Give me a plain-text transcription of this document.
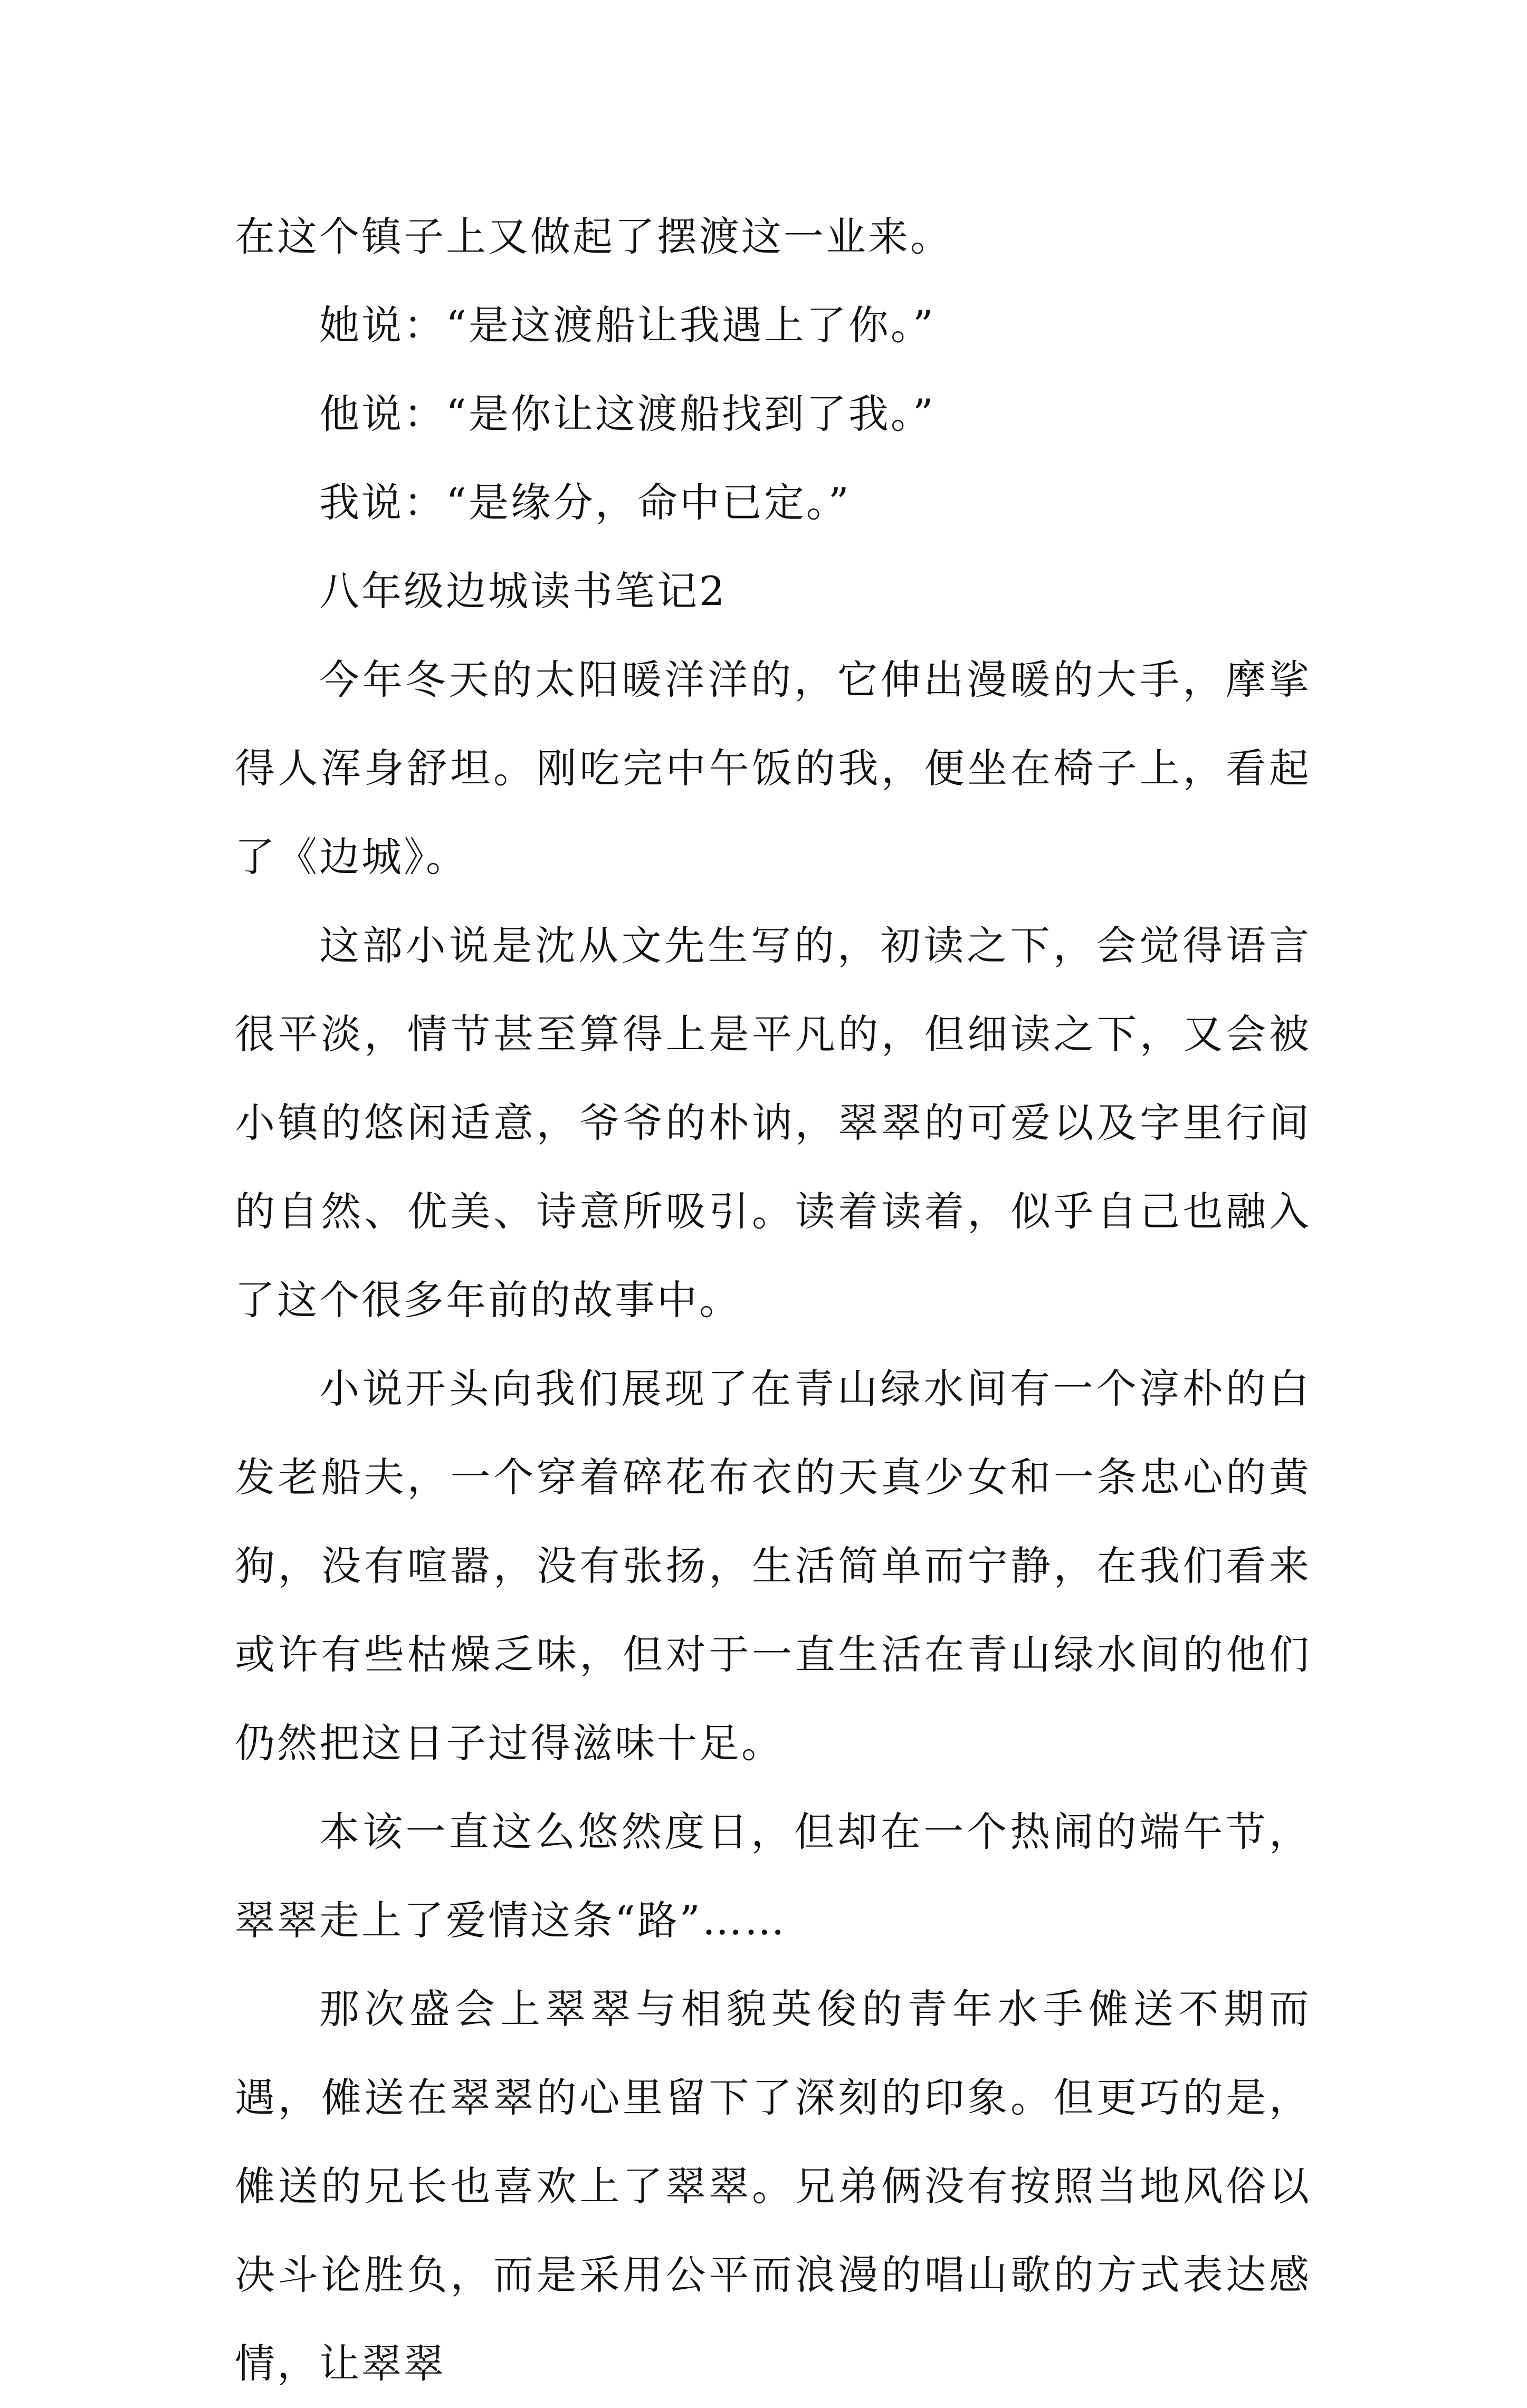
在这个镇子上又做起了摆渡这一业来。

她说：“是这渡船让我遇上了你。”

他说：“是你让这渡船找到了我。”

我说：“是缘分，命中已定。”

八年级边城读书笔记2

今年冬天的太阳暖洋洋的，它伸出漫暖的大手，摩挲得人浑身舒坦。刚吃完中午饭的我，便坐在椅子上，看起了《边城》。

这部小说是沈从文先生写的，初读之下，会觉得语言很平淡，情节甚至算得上是平凡的，但细读之下，又会被小镇的悠闲适意，爷爷的朴讷，翠翠的可爱以及字里行间的自然、优美、诗意所吸引。读着读着，似乎自己也融入了这个很多年前的故事中。

小说开头向我们展现了在青山绿水间有一个淳朴的白发老船夫，一个穿着碎花布衣的天真少女和一条忠心的黄狗，没有喧嚣，没有张扬，生活简单而宁静，在我们看来或许有些枯燥乏味，但对于一直生活在青山绿水间的他们仍然把这日子过得滋味十足。

本该一直这么悠然度日，但却在一个热闹的端午节，翠翠走上了爱情这条“路”……

那次盛会上翠翠与相貌英俊的青年水手傩送不期而遇，傩送在翠翠的心里留下了深刻的印象。但更巧的是，傩送的兄长也喜欢上了翠翠。兄弟俩没有按照当地风俗以决斗论胜负，而是采用公平而浪漫的唱山歌的方式表达感情，让翠翠
